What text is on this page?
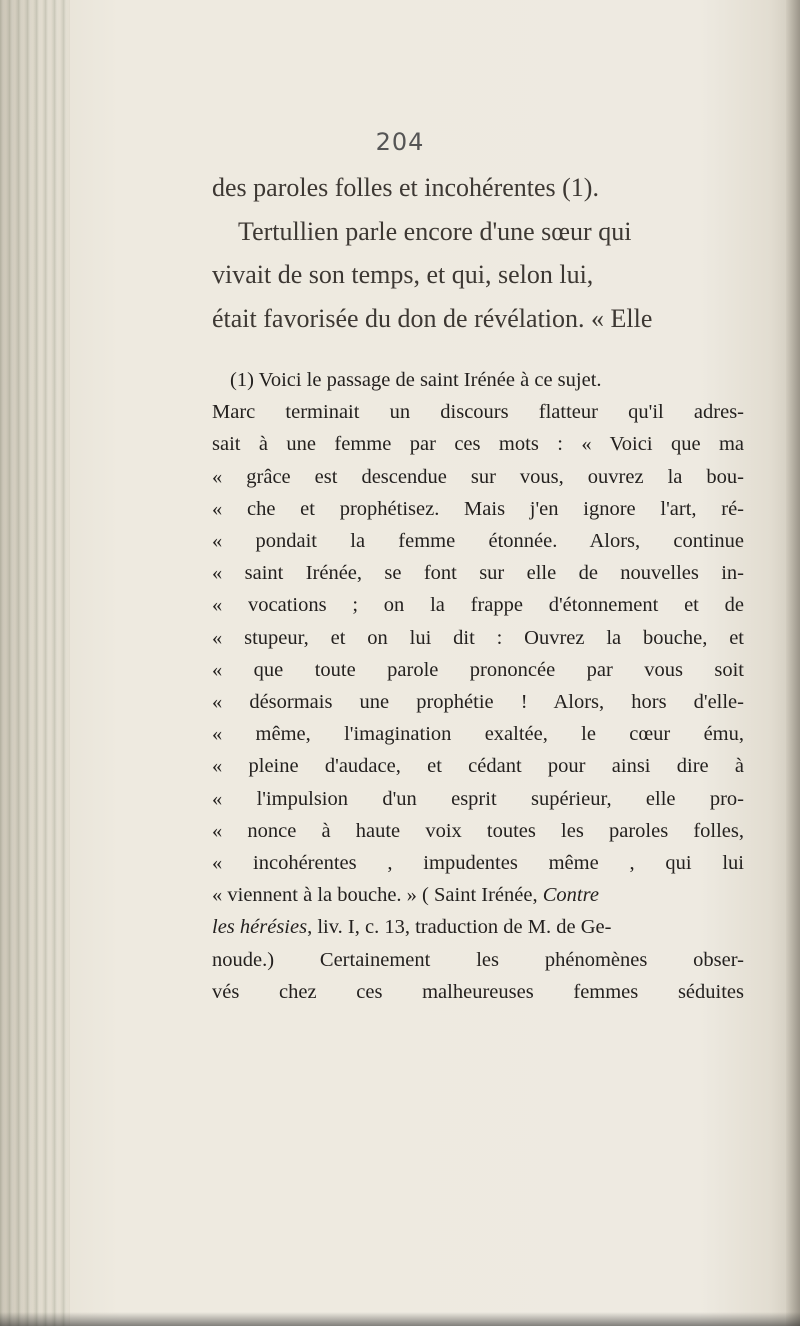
204
des paroles folles et incohérentes (1).
Tertullien parle encore d'une sœur qui
vivait de son temps, et qui, selon lui,
était favorisée du don de révélation. « Elle
(1) Voici le passage de saint Irénée à ce sujet.
Marc terminait un discours flatteur qu'il adres-
sait à une femme par ces mots : « Voici que ma
« grâce est descendue sur vous, ouvrez la bou-
« che et prophétisez. Mais j'en ignore l'art, ré-
« pondait la femme étonnée. Alors, continue
« saint Irénée, se font sur elle de nouvelles in-
« vocations ; on la frappe d'étonnement et de
« stupeur, et on lui dit : Ouvrez la bouche, et
« que toute parole prononcée par vous soit
« désormais une prophétie ! Alors, hors d'elle-
« même, l'imagination exaltée, le cœur ému,
« pleine d'audace, et cédant pour ainsi dire à
« l'impulsion d'un esprit supérieur, elle pro-
« nonce à haute voix toutes les paroles folles,
« incohérentes , impudentes même , qui lui
« viennent à la bouche. » ( Saint Irénée, Contre
les hérésies, liv. I, c. 13, traduction de M. de Ge-
noude.) Certainement les phénomènes obser-
vés chez ces malheureuses femmes séduites
